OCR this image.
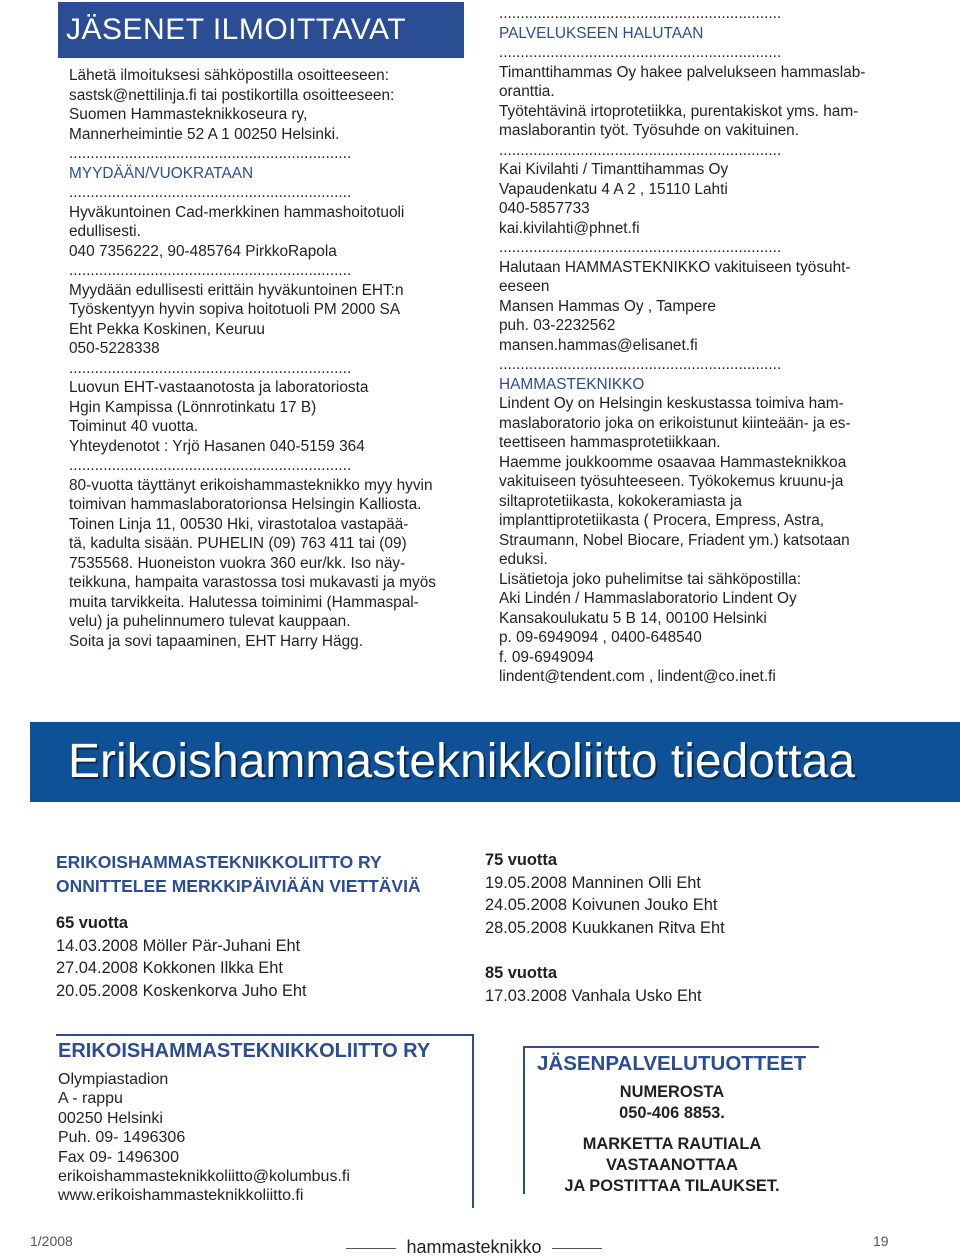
JÄSENET ILMOITTAVAT

Lähetä ilmoituksesi sähköpostilla osoitteeseen:

sastsk@nettilinja.fi tai postikortilla osoitteeseen:

Suomen Hammasteknikkoseura ry,

Mannerheimintie 52 A 1 00250 Helsinki.

..................................................................

MYYDÄÄN/VUOKRATAAN

..................................................................

Hyväkuntoinen Cad-merkkinen hammashoitotuoli

edullisesti.

040 7356222, 90-485764 PirkkoRapola

..................................................................

Myydään edullisesti erittäin hyväkuntoinen EHT:n

Työskentyyn hyvin sopiva hoitotuoli PM 2000 SA

Eht Pekka Koskinen, Keuruu

050-5228338

..................................................................

Luovun EHT-vastaanotosta ja laboratoriosta

Hgin Kampissa (Lönnrotinkatu 17 B)

Toiminut 40 vuotta.

Yhteydenotot : Yrjö Hasanen 040-5159 364

..................................................................

80-vuotta täyttänyt erikoishammasteknikko myy hyvin

toimivan hammaslaboratorionsa Helsingin Kalliosta.

Toinen Linja 11, 00530 Hki, virastotaloa vastapää-

tä, kadulta sisään. PUHELIN (09) 763 411 tai (09)

7535568. Huoneiston vuokra 360 eur/kk. Iso näy-

teikkuna, hampaita varastossa tosi mukavasti ja myös

muita tarvikkeita. Halutessa toiminimi (Hammaspal-

velu) ja puhelinnumero tulevat kauppaan.

Soita ja sovi tapaaminen, EHT Harry Hägg.

..................................................................

PALVELUKSEEN HALUTAAN

..................................................................

Timanttihammas Oy hakee palvelukseen hammaslab-

oranttia.

Työtehtävinä irtoprotetiikka, purentakiskot yms. ham-

maslaborantin työt. Työsuhde on vakituinen.

..................................................................

Kai Kivilahti / Timanttihammas Oy

Vapaudenkatu 4 A 2 , 15110 Lahti

040-5857733

kai.kivilahti@phnet.fi

..................................................................

Halutaan HAMMASTEKNIKKO vakituiseen työsuht-

eeseen

Mansen Hammas Oy , Tampere

puh. 03-2232562

mansen.hammas@elisanet.fi

..................................................................

HAMMASTEKNIKKO

Lindent Oy on Helsingin keskustassa toimiva ham-

maslaboratorio joka on erikoistunut kiinteään- ja es-

teettiseen hammasprotetiikkaan.

Haemme joukkoomme osaavaa Hammasteknikkoa

vakituiseen työsuhteeseen. Työkokemus kruunu-ja

siltaprotetiikasta, kokokeramiasta ja

implanttiprotetiikasta ( Procera, Empress, Astra,

Straumann, Nobel Biocare, Friadent ym.) katsotaan

eduksi.

Lisätietoja joko puhelimitse tai sähköpostilla:

Aki Lindén / Hammaslaboratorio Lindent Oy

Kansakoulukatu 5 B 14, 00100 Helsinki

p. 09-6949094 , 0400-648540

f. 09-6949094

lindent@tendent.com , lindent@co.inet.fi

Erikoishammasteknikkoliitto tiedottaa
ERIKOISHAMMASTEKNIKKOLIITTO RY
ONNITTELEE MERKKIPÄIVIÄÄN VIETTÄVIÄ
65 vuotta
14.03.2008 Möller Pär-Juhani Eht
27.04.2008 Kokkonen Ilkka Eht
20.05.2008 Koskenkorva Juho Eht
75 vuotta
19.05.2008 Manninen Olli Eht
24.05.2008 Koivunen Jouko Eht
28.05.2008 Kuukkanen Ritva Eht
85 vuotta
17.03.2008 Vanhala Usko Eht
ERIKOISHAMMASTEKNIKKOLIITTO RY
Olympiastadion
A - rappu
00250 Helsinki
Puh. 09- 1496306
Fax 09- 1496300
erikoishammasteknikkoliitto@kolumbus.fi
www.erikoishammasteknikkoliitto.fi
JÄSENPALVELUTUOTTEET
NUMEROSTA
050-406 8853.
MARKETTA RAUTIALA VASTAANOTTAA
JA POSTITTAA TILAUKSET.
1/2008	hammasteknikko	19
